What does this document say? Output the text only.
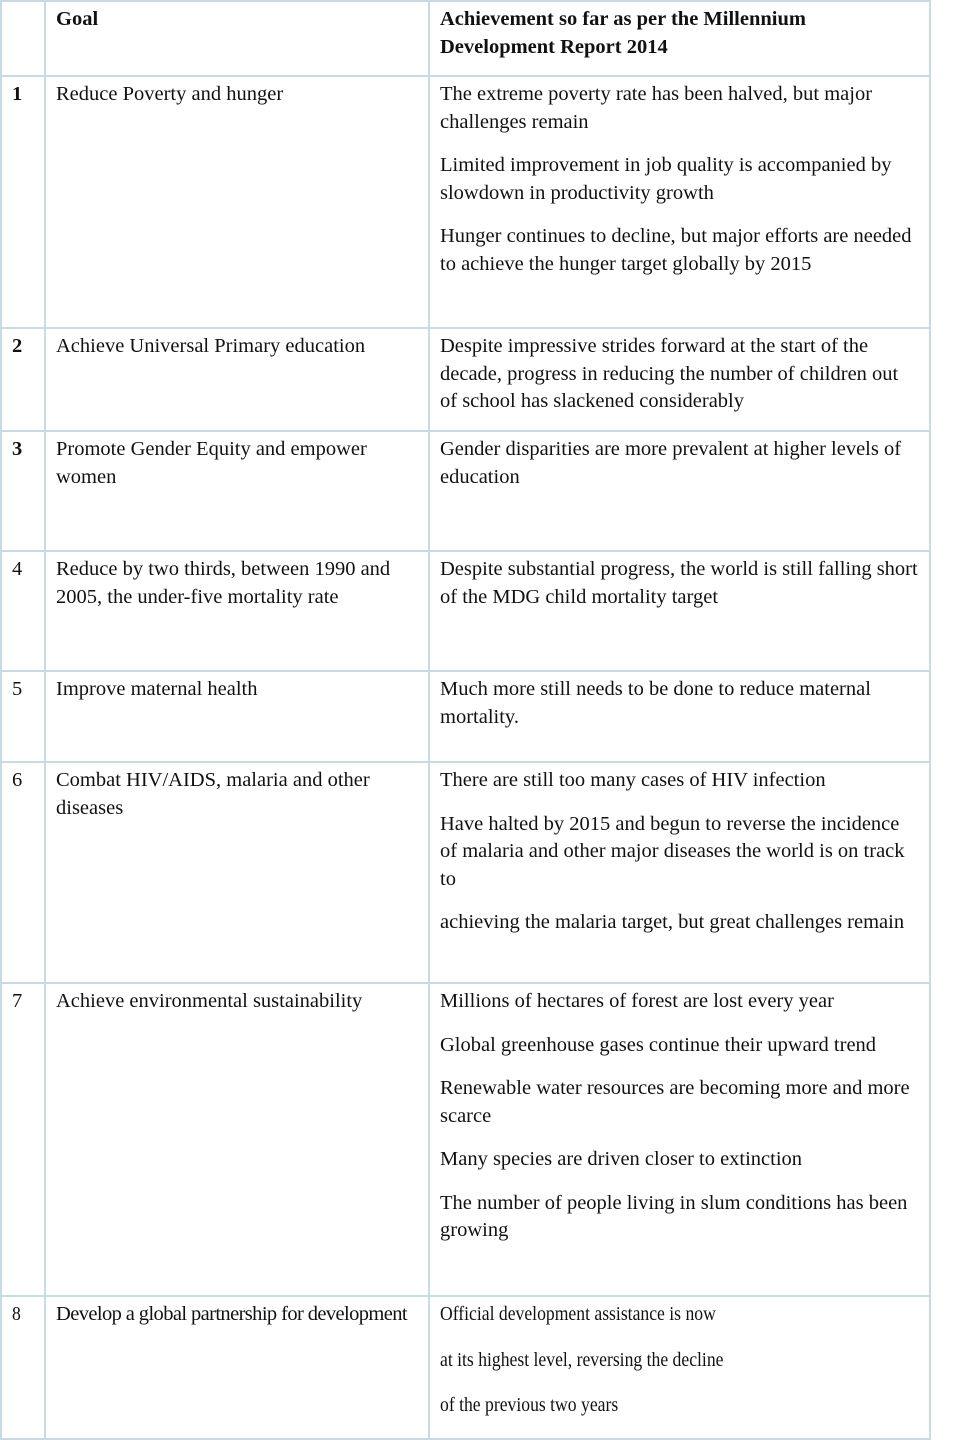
	Goal	Achievement so far as per the Millennium Development Report 2014
1	Reduce Poverty and hunger	The extreme poverty rate has been halved, but major challenges remain

Limited improvement in job quality is accompanied by slowdown in productivity growth

Hunger continues to decline, but major efforts are needed to achieve the hunger target globally by 2015

2	Achieve Universal Primary education	Despite impressive strides forward at the start of the decade, progress in reducing the number of children out of school has slackened considerably

3	Promote Gender Equity and empower women	Gender disparities are more prevalent at higher levels of education

4	Reduce by two thirds, between 1990 and 2005, the under-five mortality rate	Despite substantial progress, the world is still falling short of the MDG child mortality target

5	Improve maternal health	Much more still needs to be done to reduce maternal mortality.

6	Combat HIV/AIDS, malaria and other diseases	There are still too many cases of HIV infection

Have halted by 2015 and begun to reverse the incidence of malaria and other major diseases the world is on track to

achieving the malaria target, but great challenges remain

7	Achieve environmental sustainability	Millions of hectares of forest are lost every year

Global greenhouse gases continue their upward trend

Renewable water resources are becoming more and more scarce

Many species are driven closer to extinction

The number of people living in slum conditions has been growing

8	Develop a global partnership for development	Official development assistance is now

at its highest level, reversing the decline

of the previous two years
